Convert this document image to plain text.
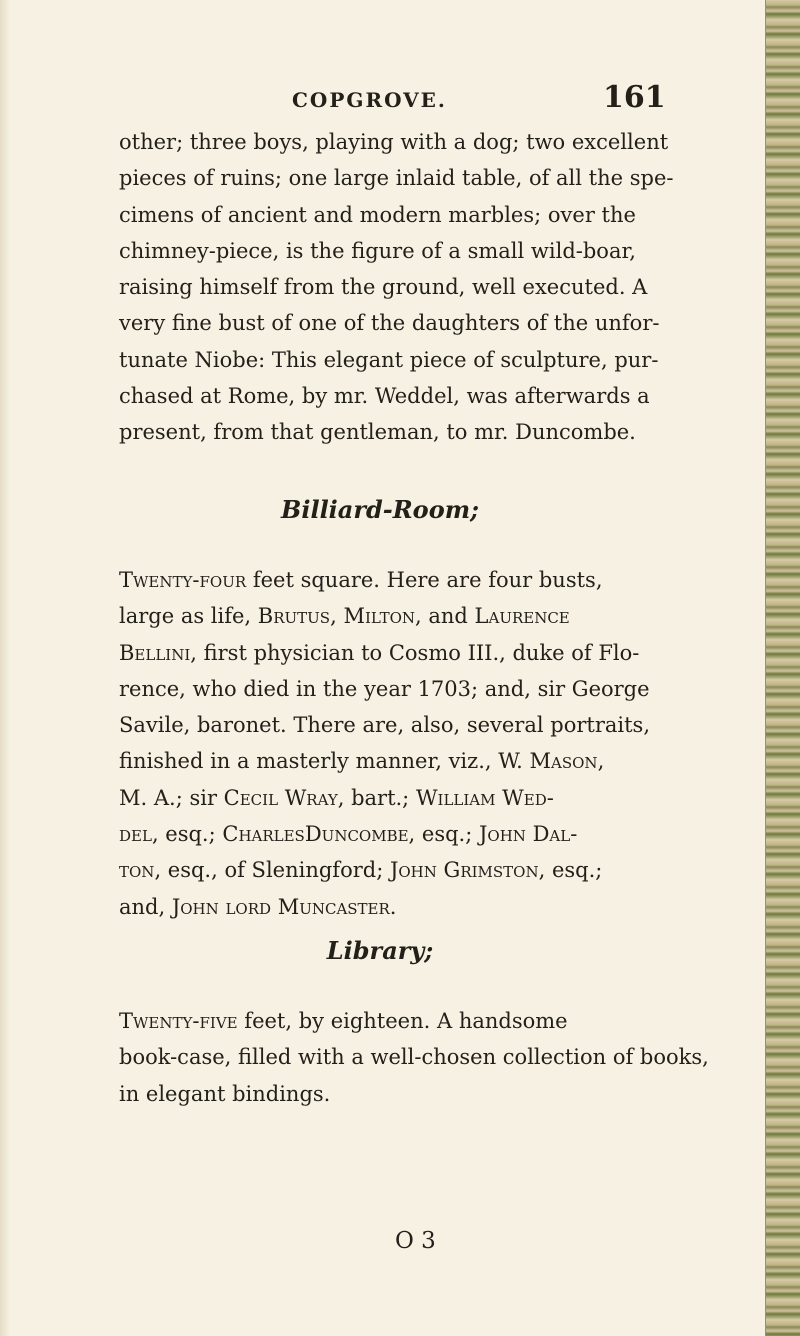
COPGROVE.	161

other; three boys, playing with a dog; two excellent

pieces of ruins; one large inlaid table, of all the spe-

cimens of ancient and modern marbles; over the

chimney-piece, is the figure of a small wild-boar,

raising himself from the ground, well executed. A

very fine bust of one of the daughters of the unfor-

tunate Niobe: This elegant piece of sculpture, pur-

chased at Rome, by mr. Weddel, was afterwards a

present, from that gentleman, to mr. Duncombe.

Billiard-Room;

Twenty-four feet square. Here are four busts,

large as life, Brutus, Milton, and Laurence

Bellini, first physician to Cosmo III., duke of Flo-

rence, who died in the year 1703; and, sir George

Savile, baronet. There are, also, several portraits,

finished in a masterly manner, viz., W. Mason,

M. A.; sir Cecil Wray, bart.; William Wed-

del, esq.; CharlesDuncombe, esq.; John Dal-

ton, esq., of Sleningford; John Grimston, esq.;

and, John lord Muncaster.

Library;

Twenty-five feet, by eighteen. A handsome

book-case, filled with a well-chosen collection of books,

in elegant bindings.

O 3
